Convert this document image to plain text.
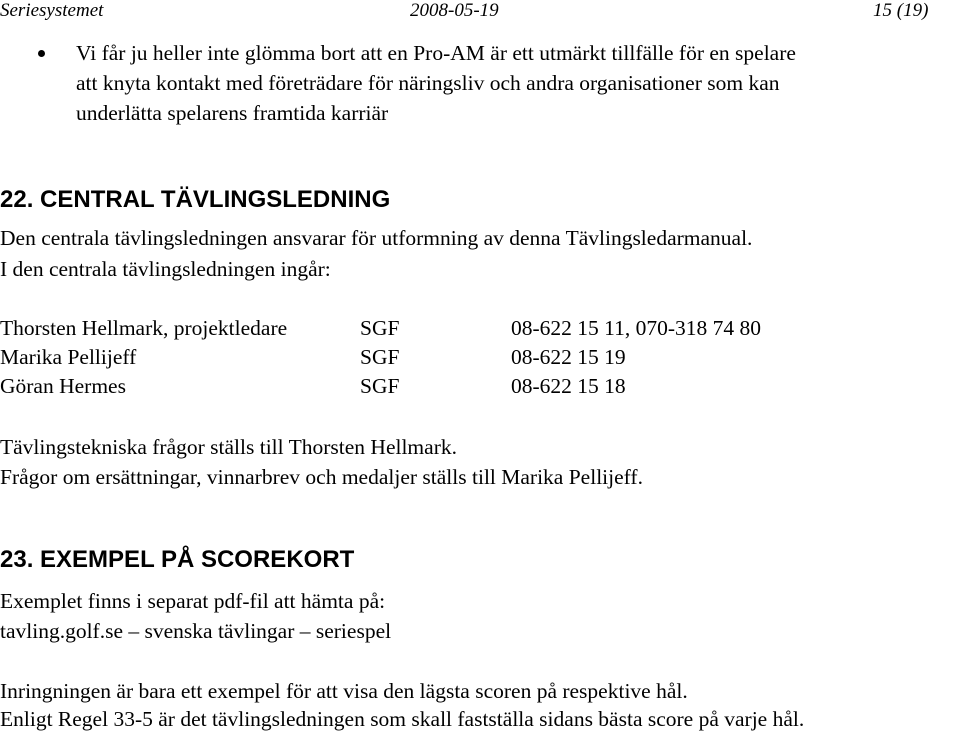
Seriesystemet	2008-05-19	15 (19)
Vi får ju heller inte glömma bort att en Pro-AM är ett utmärkt tillfälle för en spelare
att knyta kontakt med företrädare för näringsliv och andra organisationer som kan
underlätta spelarens framtida karriär
22. CENTRAL TÄVLINGSLEDNING
Den centrala tävlingsledningen ansvarar för utformning av denna Tävlingsledarmanual.
I den centrala tävlingsledningen ingår:
Thorsten Hellmark, projektledare	SGF	08-622 15 11, 070-318 74 80
Marika Pellijeff	SGF	08-622 15 19
Göran Hermes	SGF	08-622 15 18
Tävlingstekniska frågor ställs till Thorsten Hellmark.
Frågor om ersättningar, vinnarbrev och medaljer ställs till Marika Pellijeff.
23. EXEMPEL PÅ SCOREKORT
Exemplet finns i separat pdf-fil att hämta på:
tavling.golf.se – svenska tävlingar – seriespel
Inringningen är bara ett exempel för att visa den lägsta scoren på respektive hål.
Enligt Regel 33-5 är det tävlingsledningen som skall fastställa sidans bästa score på varje hål.
